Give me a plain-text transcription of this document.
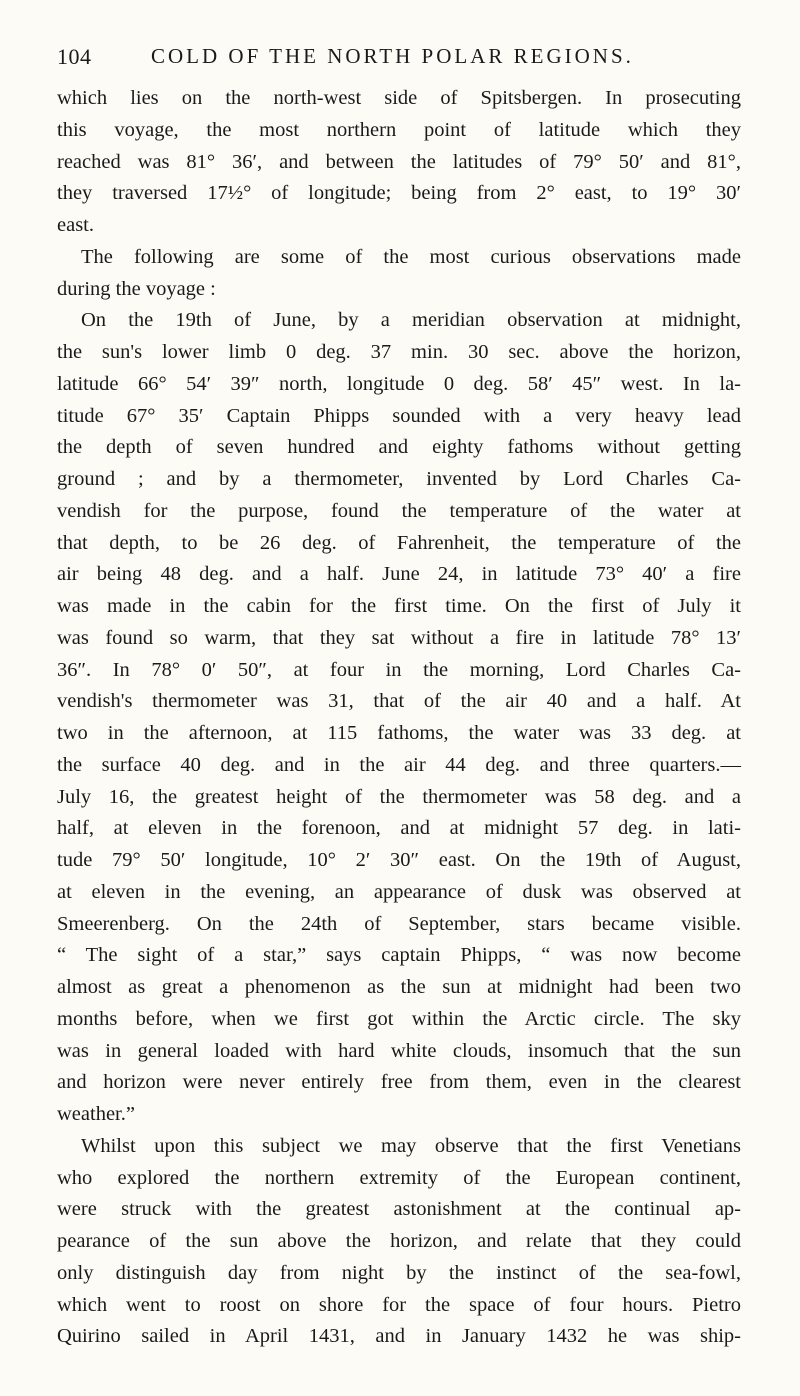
104	COLD OF THE NORTH POLAR REGIONS.
which lies on the north-west side of Spitsbergen. In prosecuting
this voyage, the most northern point of latitude which they
reached was 81° 36′, and between the latitudes of 79° 50′ and 81°,
they traversed 17½° of longitude; being from 2° east, to 19° 30′
east.
The following are some of the most curious observations made
during the voyage :
On the 19th of June, by a meridian observation at midnight,
the sun's lower limb 0 deg. 37 min. 30 sec. above the horizon,
latitude 66° 54′ 39″ north, longitude 0 deg. 58′ 45″ west. In la-
titude 67° 35′ Captain Phipps sounded with a very heavy lead
the depth of seven hundred and eighty fathoms without getting
ground ; and by a thermometer, invented by Lord Charles Ca-
vendish for the purpose, found the temperature of the water at
that depth, to be 26 deg. of Fahrenheit, the temperature of the
air being 48 deg. and a half. June 24, in latitude 73° 40′ a fire
was made in the cabin for the first time. On the first of July it
was found so warm, that they sat without a fire in latitude 78° 13′
36″. In 78° 0′ 50″, at four in the morning, Lord Charles Ca-
vendish's thermometer was 31, that of the air 40 and a half. At
two in the afternoon, at 115 fathoms, the water was 33 deg. at
the surface 40 deg. and in the air 44 deg. and three quarters.—
July 16, the greatest height of the thermometer was 58 deg. and a
half, at eleven in the forenoon, and at midnight 57 deg. in lati-
tude 79° 50′ longitude, 10° 2′ 30″ east. On the 19th of August,
at eleven in the evening, an appearance of dusk was observed at
Smeerenberg. On the 24th of September, stars became visible.
“ The sight of a star,” says captain Phipps, “ was now become
almost as great a phenomenon as the sun at midnight had been two
months before, when we first got within the Arctic circle. The sky
was in general loaded with hard white clouds, insomuch that the sun
and horizon were never entirely free from them, even in the clearest
weather.”
Whilst upon this subject we may observe that the first Venetians
who explored the northern extremity of the European continent,
were struck with the greatest astonishment at the continual ap-
pearance of the sun above the horizon, and relate that they could
only distinguish day from night by the instinct of the sea-fowl,
which went to roost on shore for the space of four hours. Pietro
Quirino sailed in April 1431, and in January 1432 he was ship-
